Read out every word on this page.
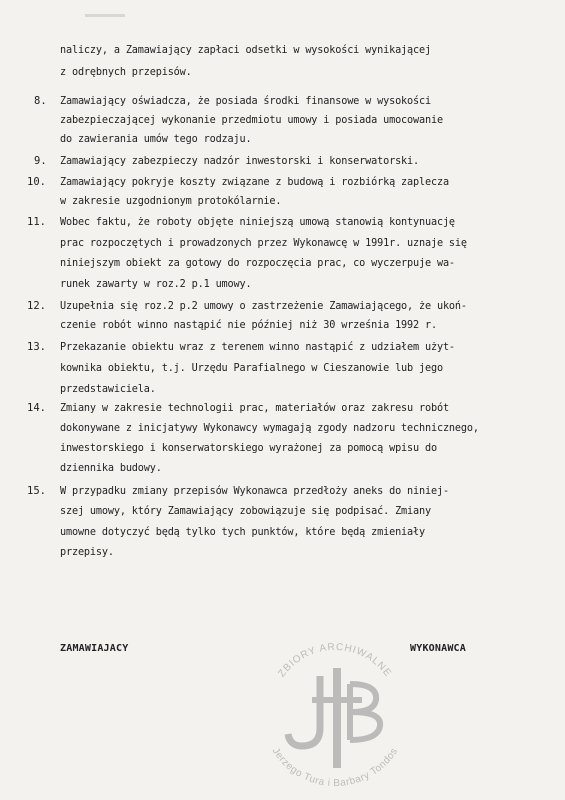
naliczy, a Zamawiający zapłaci odsetki w wysokości wynikającej
z odrębnych przepisów.
8. Zamawiający oświadcza, że posiada środki finansowe w wysokości
zabezpieczającej wykonanie przedmiotu umowy i posiada umocowanie
do zawierania umów tego rodzaju.
9. Zamawiający zabezpieczy nadzór inwestorski i konserwatorski.
10. Zamawiający pokryje koszty związane z budową i rozbiórką zaplecza
w zakresie uzgodnionym protokólarnie.
11. Wobec faktu, że roboty objęte niniejszą umową stanowią kontynuację
prac rozpoczętych i prowadzonych przez Wykonawcę w 1991r. uznaje się
niniejszym obiekt za gotowy do rozpoczęcia prac, co wyczerpuje wa-
runek zawarty w roz.2 p.1 umowy.
12. Uzupełnia się roz.2 p.2 umowy o zastrzeżenie Zamawiającego, że ukoń-
czenie robót winno nastąpić nie później niż 30 września 1992 r.
13. Przekazanie obiektu wraz z terenem winno nastąpić z udziałem użyt-
kownika obiektu, t.j. Urzędu Parafialnego w Cieszanowie lub jego
przedstawiciela.
14. Zmiany w zakresie technologii prac, materiałów oraz zakresu robót
dokonywane z inicjatywy Wykonawcy wymagają zgody nadzoru technicznego,
inwestorskiego i konserwatorskiego wyrażonej za pomocą wpisu do
dziennika budowy.
15. W przypadku zmiany przepisów Wykonawca przedłoży aneks do niniej-
szej umowy, który Zamawiający zobowiązuje się podpisać. Zmiany
umowne dotyczyć będą tylko tych punktów, które będą zmieniały
przepisy.
ZAMAWIAJACY	WYKONAWCA
ZBIORY ARCHIWALNE
Jerzego Tura i Barbary Tondos
